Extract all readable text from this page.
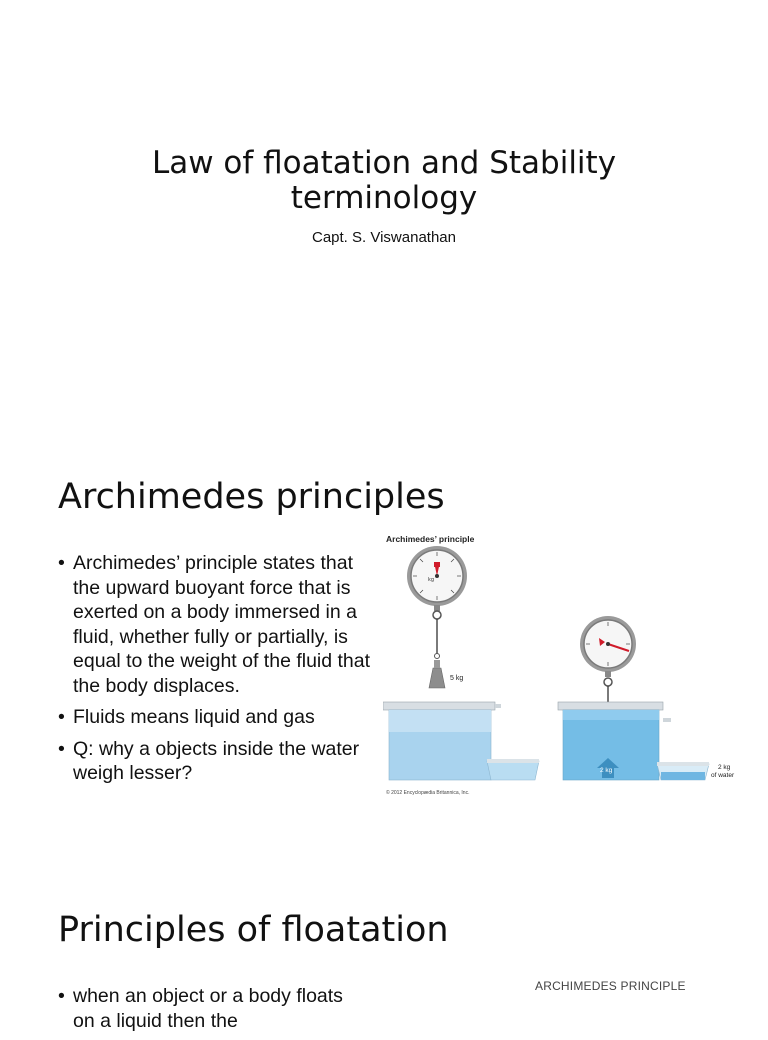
Law of floatation and Stability terminology
Capt. S. Viswanathan
Archimedes principles
• Archimedes’ principle states that the upward buoyant force that is exerted on a body immersed in a fluid, whether fully or partially, is equal to the weight of the fluid that the body displaces.
• Fluids means liquid and gas
• Q: why a objects inside the water weigh lesser?
Archimedes’ principle
kg
5 kg
2 kg	2 kg
of water
© 2012 Encyclopædia Britannica, Inc.
Principles of floatation
• when an object or a body floats on a liquid then the
ARCHIMEDES PRINCIPLE
